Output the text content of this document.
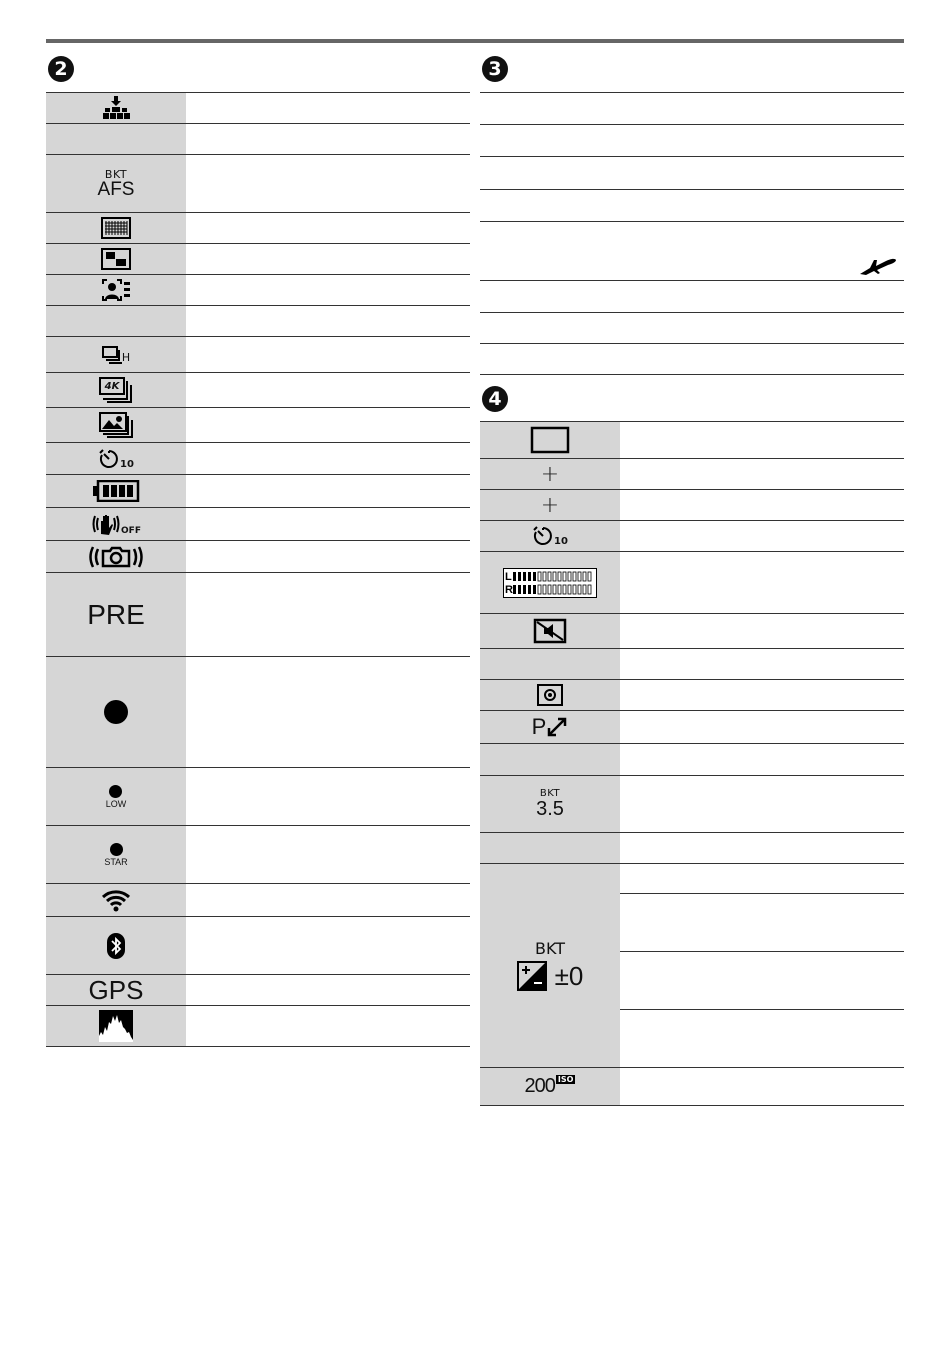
2
BKT
AFS
H
4K
10
OFF
PRE
LOW
STAR
GPS
3
4
+
+
10
L
R
P
BKT
3.5
BKT
±0
200 ISO
